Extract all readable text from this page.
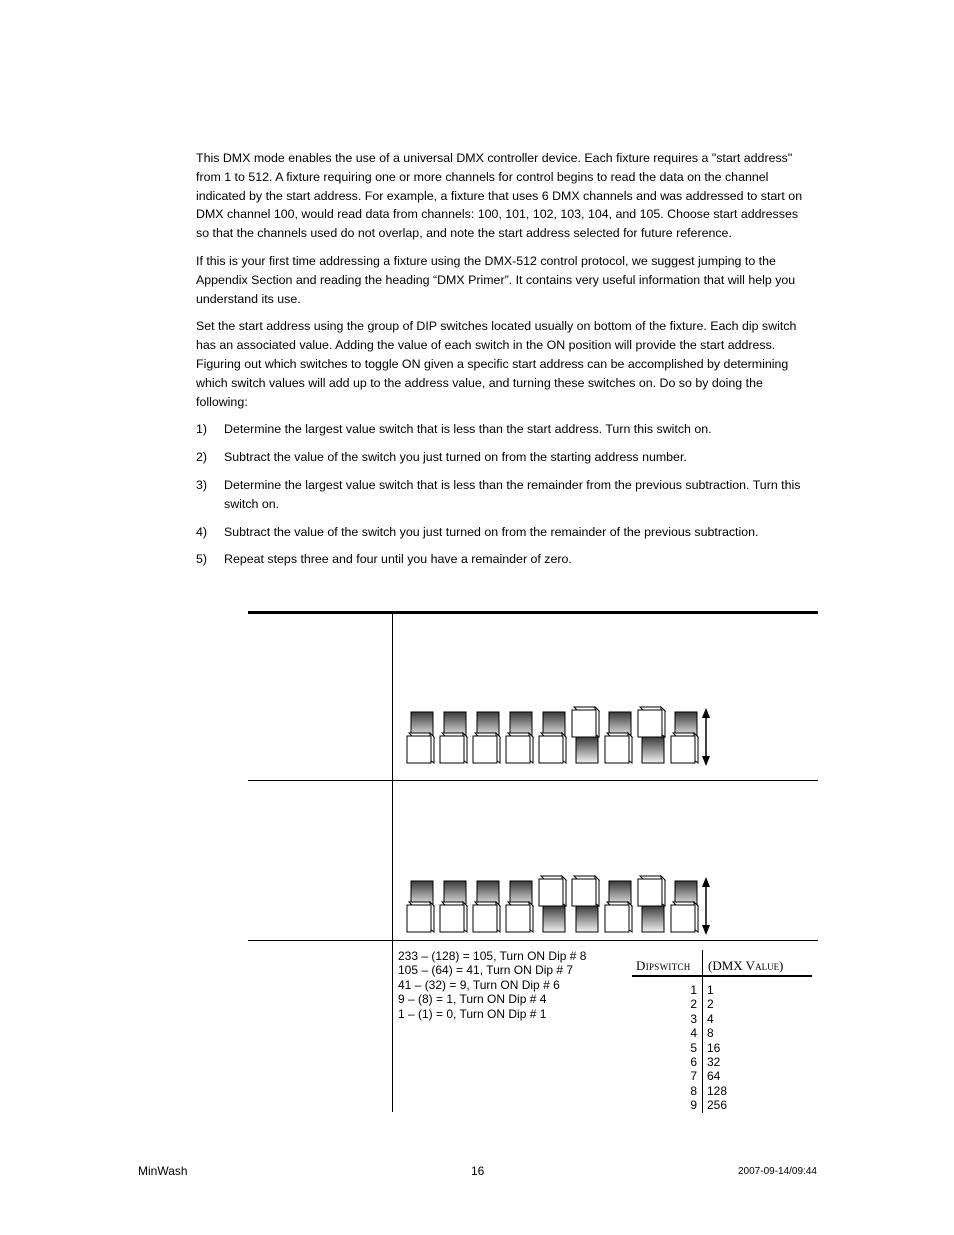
This DMX mode enables the use of a universal DMX controller device. Each fixture requires a "start address" from 1 to 512. A fixture requiring one or more channels for control begins to read the data on the channel indicated by the start address. For example, a fixture that uses 6 DMX channels and was addressed to start on DMX channel 100, would read data from channels: 100, 101, 102, 103, 104, and 105. Choose start addresses so that the channels used do not overlap, and note the start address selected for future reference.

If this is your first time addressing a fixture using the DMX-512 control protocol, we suggest jumping to the Appendix Section and reading the heading “DMX Primer”. It contains very useful information that will help you understand its use.

Set the start address using the group of DIP switches located usually on bottom of the fixture. Each dip switch has an associated value. Adding the value of each switch in the ON position will provide the start address. Figuring out which switches to toggle ON given a specific start address can be accomplished by determining which switch values will add up to the address value, and turning these switches on. Do so by doing the following:

1)	Determine the largest value switch that is less than the start address. Turn this switch on.
2)	Subtract the value of the switch you just turned on from the starting address number.
3)	Determine the largest value switch that is less than the remainder from the previous subtraction. Turn this switch on.
4)	Subtract the value of the switch you just turned on from the remainder of the previous subtraction.
5)	Repeat steps three and four until you have a remainder of zero.
233 – (128) = 105, Turn ON Dip # 8
105 – (64) = 41, Turn ON Dip # 7
41 – (32) = 9, Turn ON Dip # 6
9 – (8) = 1, Turn ON Dip # 4
1 – (1) = 0, Turn ON Dip # 1
Dipswitch (DMX Value)
1 1
2 2
3 4
4 8
5 16
6 32
7 64
8 128
9 256
MinWash	16	2007-09-14/09:44
